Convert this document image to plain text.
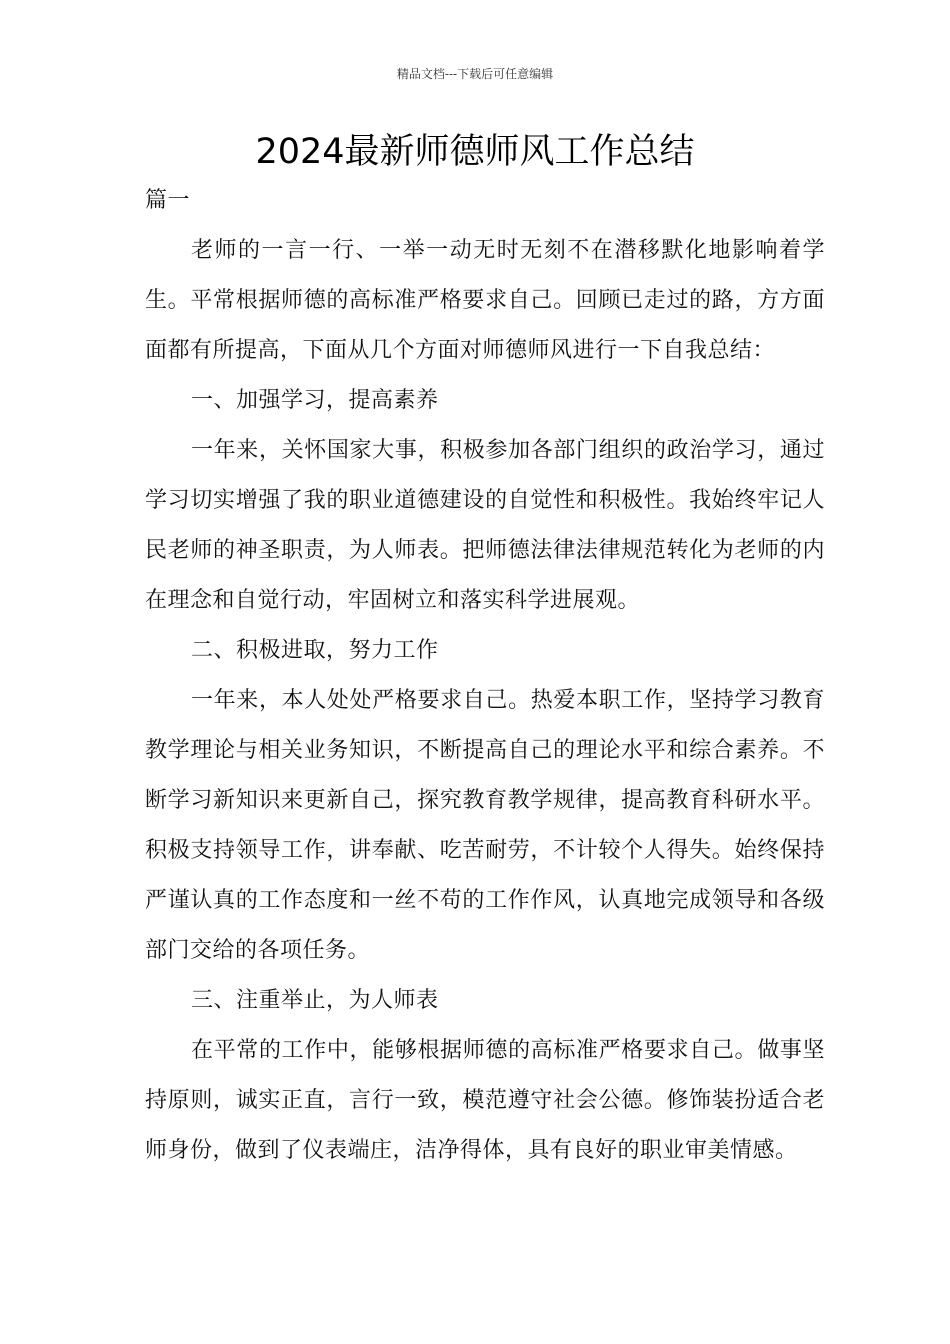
精品文档---下载后可任意编辑
2024最新师德师风工作总结

篇一

老师的一言一行、一举一动无时无刻不在潜移默化地影响着学生。平常根据师德的高标准严格要求自己。回顾已走过的路，方方面面都有所提高，下面从几个方面对师德师风进行一下自我总结：

一、加强学习，提高素养

一年来，关怀国家大事，积极参加各部门组织的政治学习，通过学习切实增强了我的职业道德建设的自觉性和积极性。我始终牢记人民老师的神圣职责，为人师表。把师德法律法律规范转化为老师的内在理念和自觉行动，牢固树立和落实科学进展观。

二、积极进取，努力工作

一年来，本人处处严格要求自己。热爱本职工作，坚持学习教育教学理论与相关业务知识，不断提高自己的理论水平和综合素养。不断学习新知识来更新自己，探究教育教学规律，提高教育科研水平。积极支持领导工作，讲奉献、吃苦耐劳，不计较个人得失。始终保持严谨认真的工作态度和一丝不苟的工作作风，认真地完成领导和各级部门交给的各项任务。

三、注重举止，为人师表

在平常的工作中，能够根据师德的高标准严格要求自己。做事坚持原则，诚实正直，言行一致，模范遵守社会公德。修饰装扮适合老师身份，做到了仪表端庄，洁净得体，具有良好的职业审美情感。
